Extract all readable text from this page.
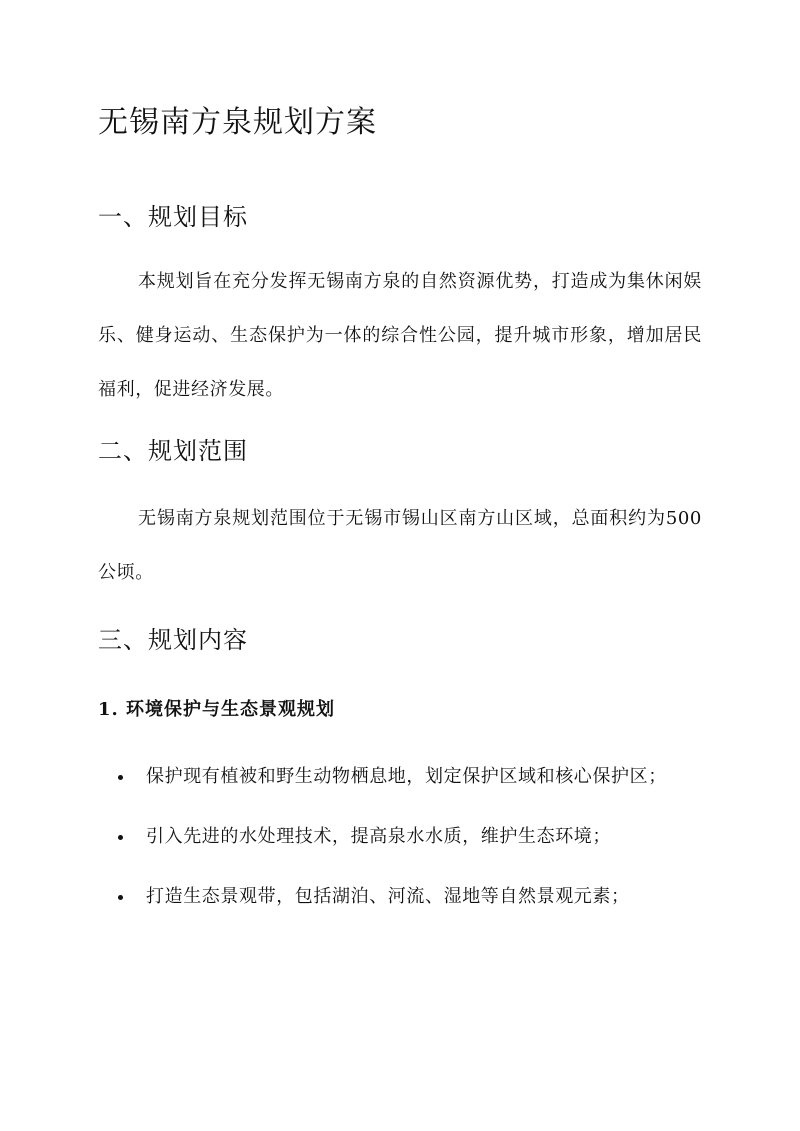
无锡南方泉规划方案
一、规划目标

本规划旨在充分发挥无锡南方泉的自然资源优势，打造成为集休闲娱乐、健身运动、生态保护为一体的综合性公园，提升城市形象，增加居民福利，促进经济发展。

二、规划范围

无锡南方泉规划范围位于无锡市锡山区南方山区域，总面积约为500公顷。

三、规划内容
1. 环境保护与生态景观规划
保护现有植被和野生动物栖息地，划定保护区域和核心保护区；
引入先进的水处理技术，提高泉水水质，维护生态环境；
打造生态景观带，包括湖泊、河流、湿地等自然景观元素；
